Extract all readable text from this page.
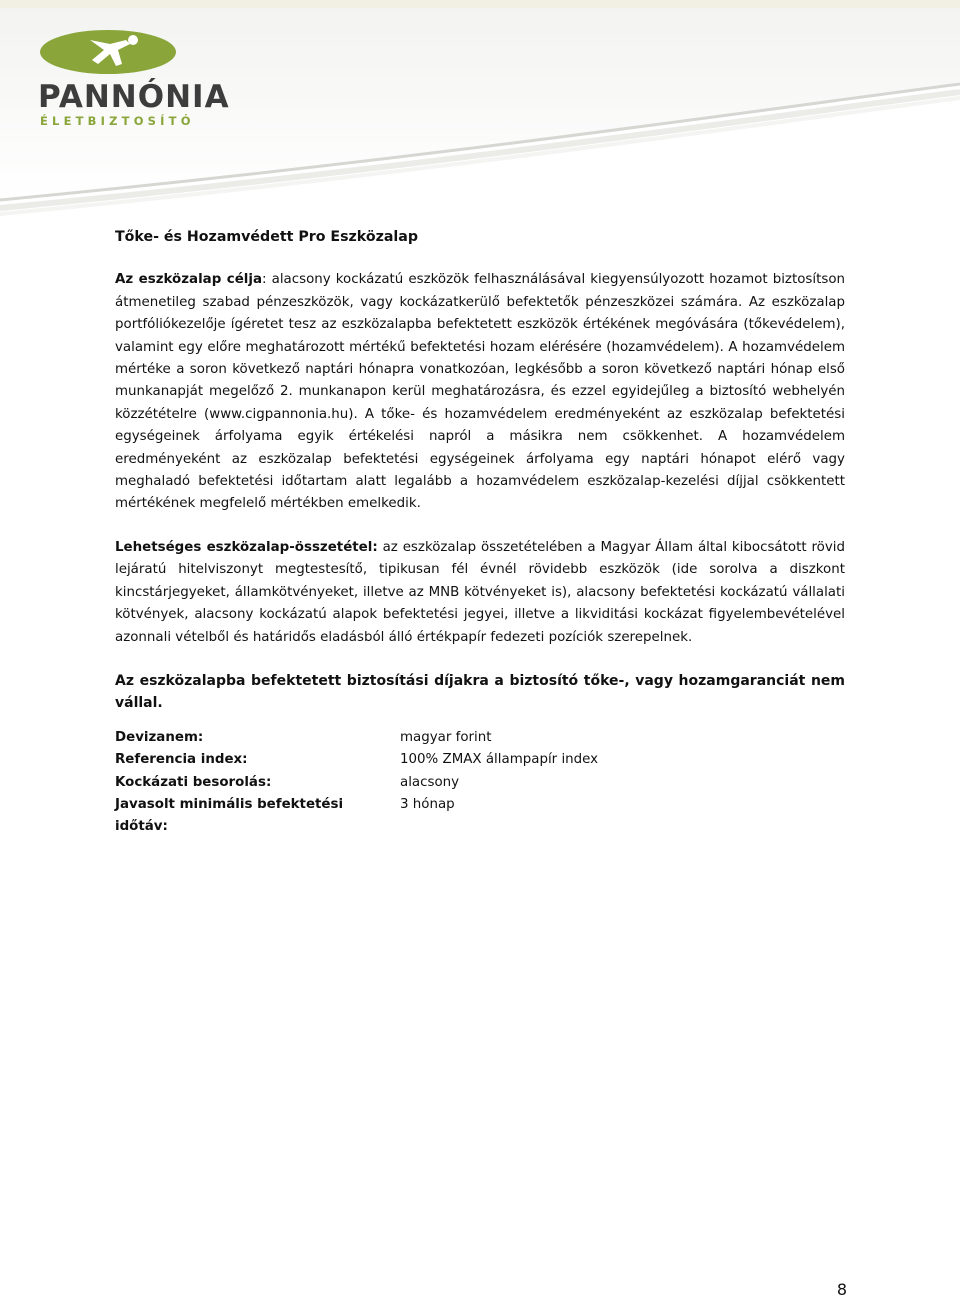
PANNÓNIA
ÉLETBIZTOSÍTÓ
Tőke- és Hozamvédett Pro Eszközalap

Az eszközalap célja: alacsony kockázatú eszközök felhasználásával kiegyensúlyozott hozamot biztosítson átmenetileg szabad pénzeszközök, vagy kockázatkerülő befektetők pénzeszközei számára. Az eszközalap portfóliókezelője ígéretet tesz az eszközalapba befektetett eszközök értékének megóvására (tőkevédelem), valamint egy előre meghatározott mértékű befektetési hozam elérésére (hozamvédelem). A hozamvédelem mértéke a soron következő naptári hónapra vonatkozóan, legkésőbb a soron következő naptári hónap első munkanapját megelőző 2. munkanapon kerül meghatározásra, és ezzel egyidejűleg a biztosító webhelyén közzétételre (www.cigpannonia.hu). A tőke- és hozamvédelem eredményeként az eszközalap befektetési egységeinek árfolyama egyik értékelési napról a másikra nem csökkenhet. A hozamvédelem eredményeként az eszközalap befektetési egységeinek árfolyama egy naptári hónapot elérő vagy meghaladó befektetési időtartam alatt legalább a hozamvédelem eszközalap-kezelési díjjal csökkentett mértékének megfelelő mértékben emelkedik.

Lehetséges eszközalap-összetétel: az eszközalap összetételében a Magyar Állam által kibocsátott rövid lejáratú hitelviszonyt megtestesítő, tipikusan fél évnél rövidebb eszközök (ide sorolva a diszkont kincstárjegyeket, államkötvényeket, illetve az MNB kötvényeket is), alacsony befektetési kockázatú vállalati kötvények, alacsony kockázatú alapok befektetési jegyei, illetve a likviditási kockázat figyelembevételével azonnali vételből és határidős eladásból álló értékpapír fedezeti pozíciók szerepelnek.

Az eszközalapba befektetett biztosítási díjakra a biztosító tőke-, vagy hozamgaranciát nem vállal.

Devizanem:	magyar forint
Referencia index:	100% ZMAX állampapír index
Kockázati besorolás:	alacsony
Javasolt minimális befektetési időtáv:	3 hónap
8
